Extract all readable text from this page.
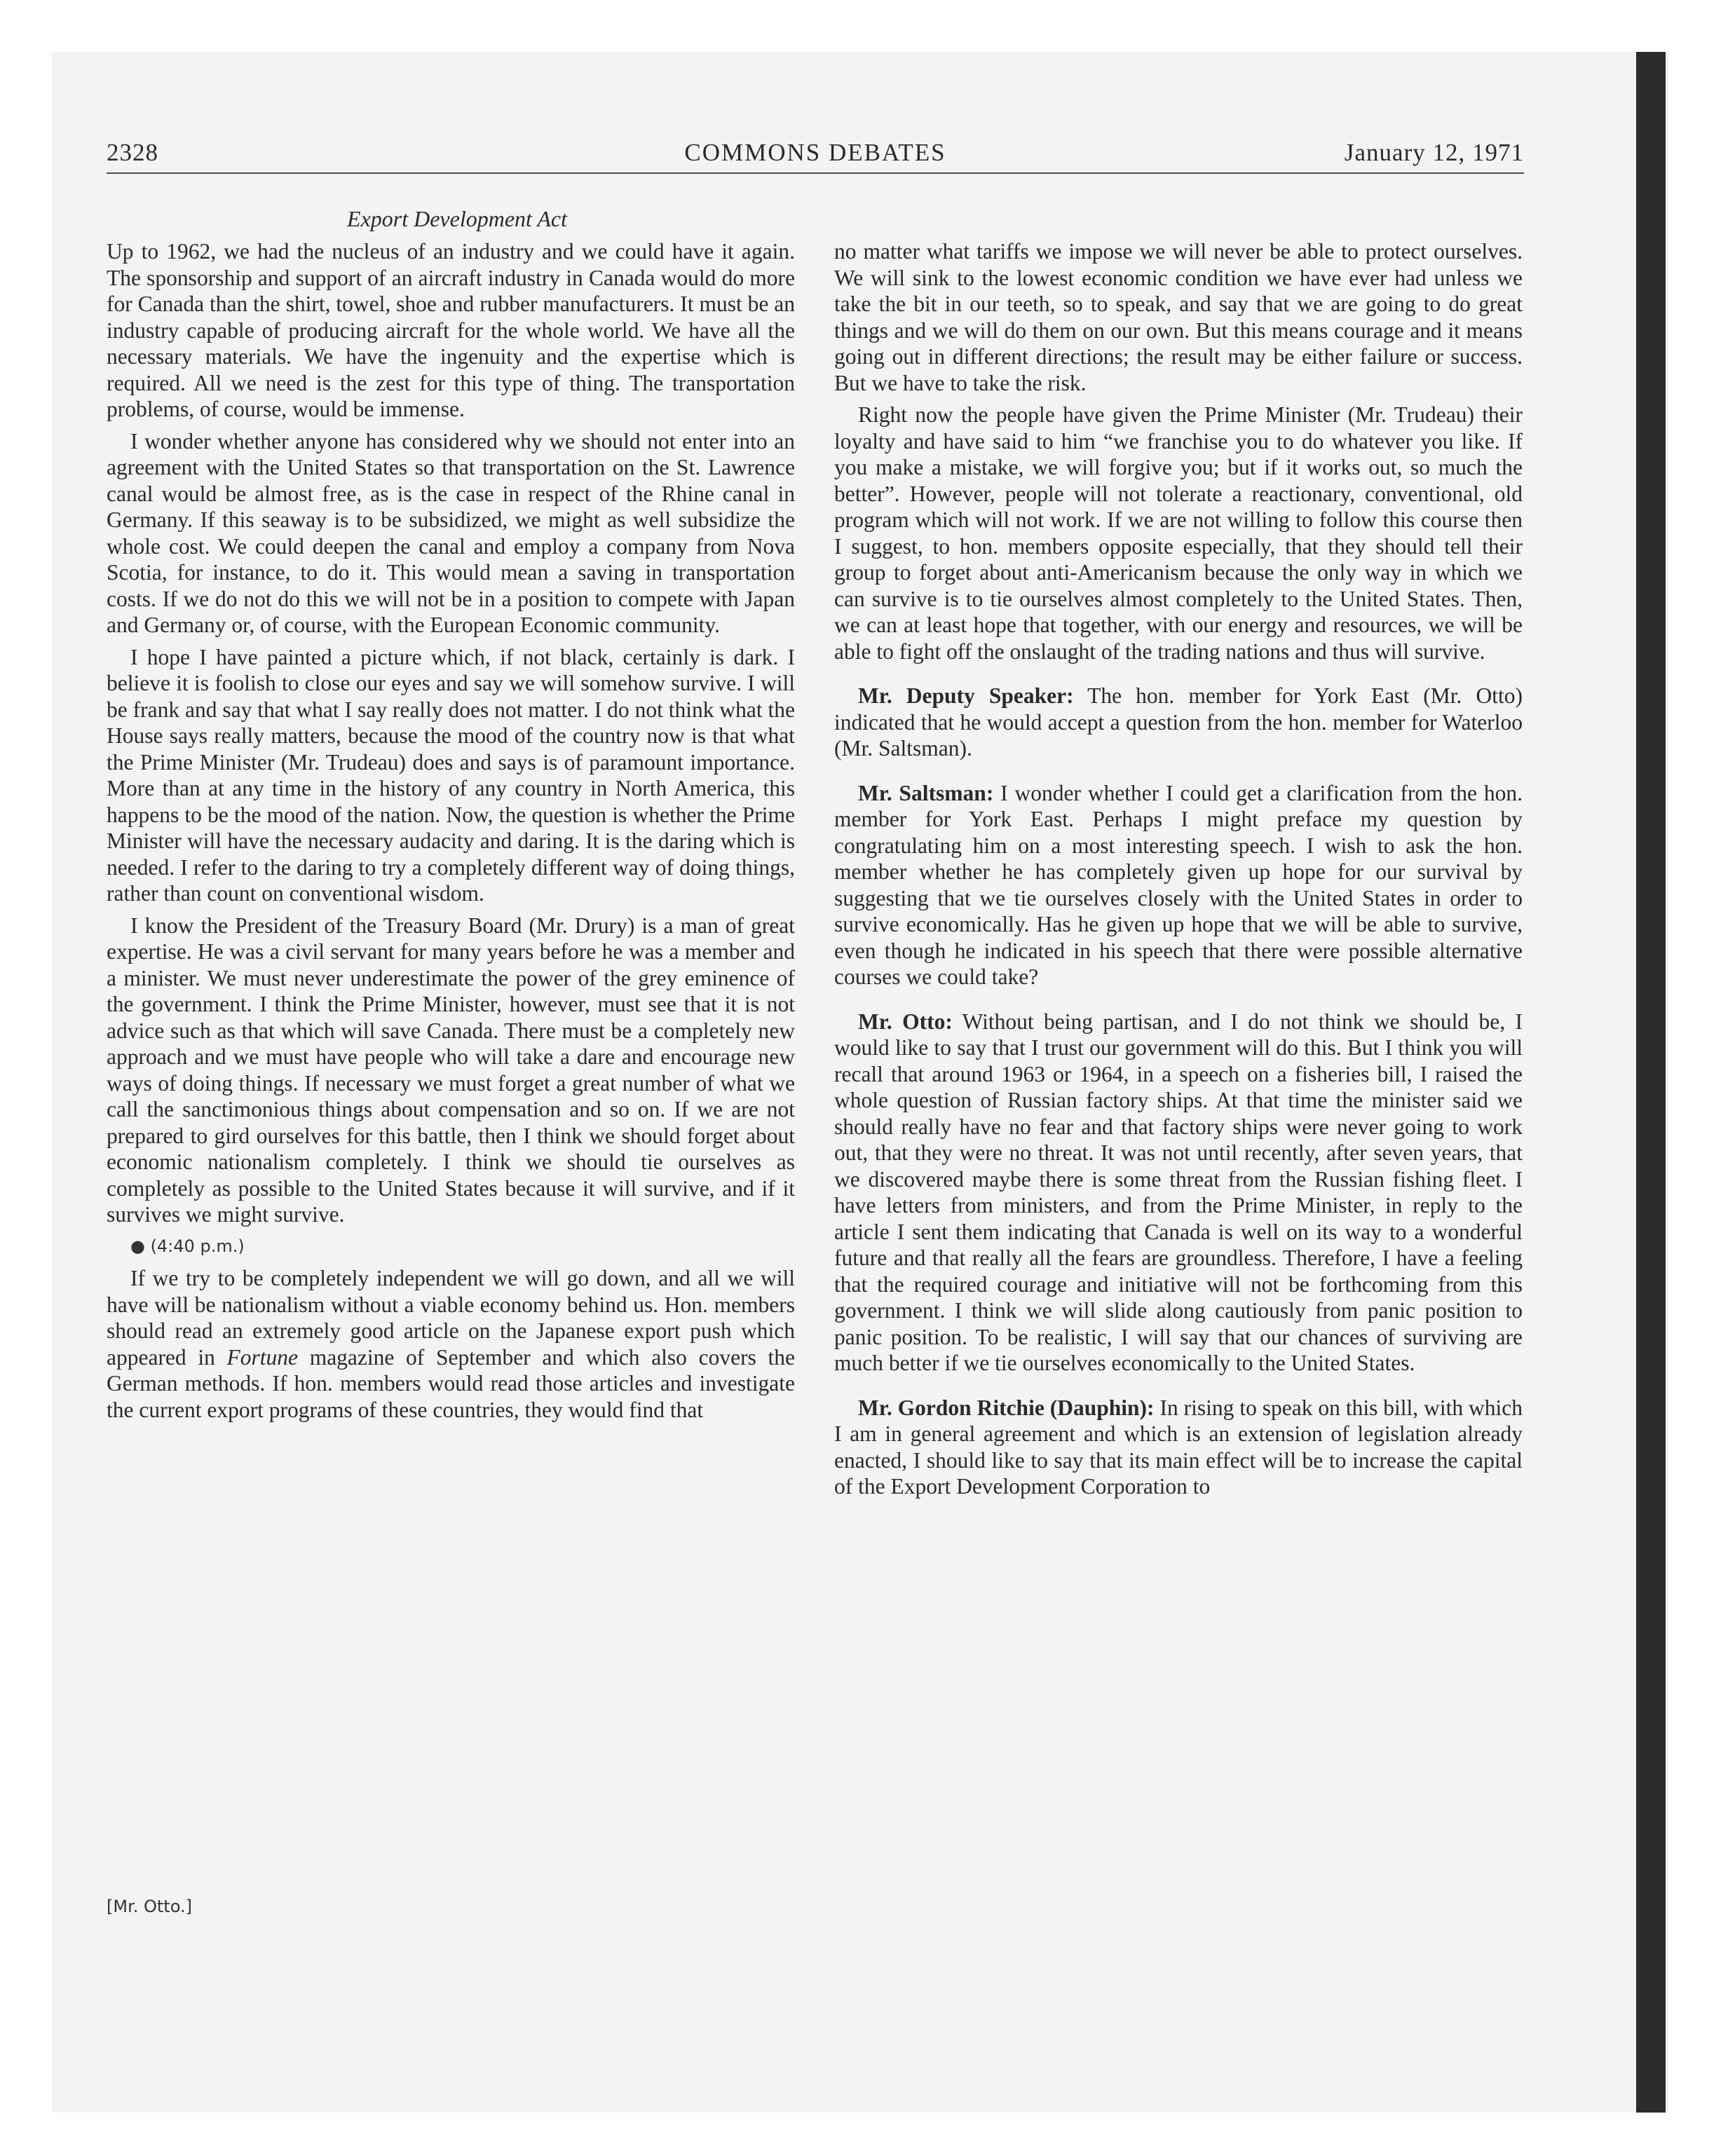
2328	COMMONS DEBATES	January 12, 1971
Export Development Act

Up to 1962, we had the nucleus of an industry and we could have it again. The sponsorship and support of an aircraft industry in Canada would do more for Canada than the shirt, towel, shoe and rubber manufacturers. It must be an industry capable of producing aircraft for the whole world. We have all the necessary materials. We have the ingenuity and the expertise which is required. All we need is the zest for this type of thing. The transportation problems, of course, would be immense.

I wonder whether anyone has considered why we should not enter into an agreement with the United States so that transportation on the St. Lawrence canal would be almost free, as is the case in respect of the Rhine canal in Germany. If this seaway is to be subsidized, we might as well subsidize the whole cost. We could deepen the canal and employ a company from Nova Scotia, for instance, to do it. This would mean a saving in transportation costs. If we do not do this we will not be in a position to compete with Japan and Germany or, of course, with the European Economic community.

I hope I have painted a picture which, if not black, certainly is dark. I believe it is foolish to close our eyes and say we will somehow survive. I will be frank and say that what I say really does not matter. I do not think what the House says really matters, because the mood of the country now is that what the Prime Minister (Mr. Trudeau) does and says is of paramount importance. More than at any time in the history of any country in North America, this happens to be the mood of the nation. Now, the question is whether the Prime Minister will have the necessary audacity and daring. It is the daring which is needed. I refer to the daring to try a completely different way of doing things, rather than count on conventional wisdom.

I know the President of the Treasury Board (Mr. Drury) is a man of great expertise. He was a civil servant for many years before he was a member and a minister. We must never underestimate the power of the grey eminence of the government. I think the Prime Minister, however, must see that it is not advice such as that which will save Canada. There must be a completely new approach and we must have people who will take a dare and encourage new ways of doing things. If necessary we must forget a great number of what we call the sanctimonious things about compensation and so on. If we are not prepared to gird ourselves for this battle, then I think we should forget about economic nationalism completely. I think we should tie ourselves as completely as possible to the United States because it will survive, and if it survives we might survive.

● (4:40 p.m.)

If we try to be completely independent we will go down, and all we will have will be nationalism without a viable economy behind us. Hon. members should read an extremely good article on the Japanese export push which appeared in Fortune magazine of September and which also covers the German methods. If hon. members would read those articles and investigate the current export programs of these countries, they would find that

[Mr. Otto.]

no matter what tariffs we impose we will never be able to protect ourselves. We will sink to the lowest economic condition we have ever had unless we take the bit in our teeth, so to speak, and say that we are going to do great things and we will do them on our own. But this means courage and it means going out in different directions; the result may be either failure or success. But we have to take the risk.

Right now the people have given the Prime Minister (Mr. Trudeau) their loyalty and have said to him “we franchise you to do whatever you like. If you make a mistake, we will forgive you; but if it works out, so much the better”. However, people will not tolerate a reactionary, conventional, old program which will not work. If we are not willing to follow this course then I suggest, to hon. members opposite especially, that they should tell their group to forget about anti-Americanism because the only way in which we can survive is to tie ourselves almost completely to the United States. Then, we can at least hope that together, with our energy and resources, we will be able to fight off the onslaught of the trading nations and thus will survive.

Mr. Deputy Speaker: The hon. member for York East (Mr. Otto) indicated that he would accept a question from the hon. member for Waterloo (Mr. Saltsman).

Mr. Saltsman: I wonder whether I could get a clarification from the hon. member for York East. Perhaps I might preface my question by congratulating him on a most interesting speech. I wish to ask the hon. member whether he has completely given up hope for our survival by suggesting that we tie ourselves closely with the United States in order to survive economically. Has he given up hope that we will be able to survive, even though he indicated in his speech that there were possible alternative courses we could take?

Mr. Otto: Without being partisan, and I do not think we should be, I would like to say that I trust our government will do this. But I think you will recall that around 1963 or 1964, in a speech on a fisheries bill, I raised the whole question of Russian factory ships. At that time the minister said we should really have no fear and that factory ships were never going to work out, that they were no threat. It was not until recently, after seven years, that we discovered maybe there is some threat from the Russian fishing fleet. I have letters from ministers, and from the Prime Minister, in reply to the article I sent them indicating that Canada is well on its way to a wonderful future and that really all the fears are groundless. Therefore, I have a feeling that the required courage and initiative will not be forthcoming from this government. I think we will slide along cautiously from panic position to panic position. To be realistic, I will say that our chances of surviving are much better if we tie ourselves economically to the United States.

Mr. Gordon Ritchie (Dauphin): In rising to speak on this bill, with which I am in general agreement and which is an extension of legislation already enacted, I should like to say that its main effect will be to increase the capital of the Export Development Corporation to
